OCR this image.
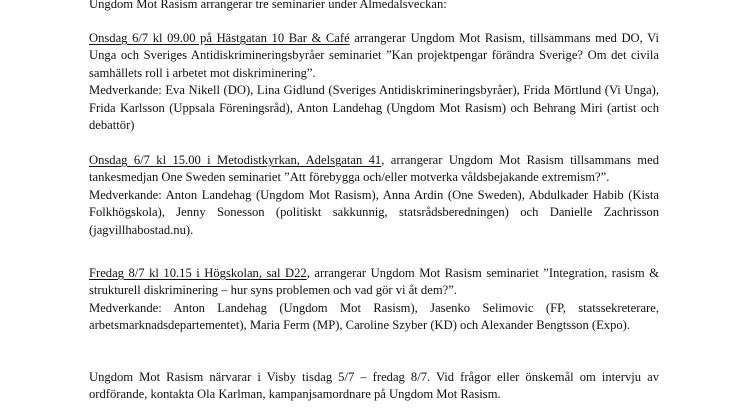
Ungdom Mot Rasism arrangerar tre seminarier under Almedalsveckan:

Onsdag 6/7 kl 09.00 på Hästgatan 10 Bar & Café arrangerar Ungdom Mot Rasism, tillsammans med DO, Vi Unga och Sveriges Antidiskrimineringsbyråer seminariet ”Kan projektpengar förändra Sverige? Om det civila samhällets roll i arbetet mot diskriminering”.

Medverkande: Eva Nikell (DO), Lina Gidlund (Sveriges Antidiskrimineringsbyråer), Frida Mörtlund (Vi Unga), Frida Karlsson (Uppsala Föreningsråd), Anton Landehag (Ungdom Mot Rasism) och Behrang Miri (artist och debattör)

Onsdag 6/7 kl 15.00 i Metodistkyrkan, Adelsgatan 41, arrangerar Ungdom Mot Rasism tillsammans med tankesmedjan One Sweden seminariet ”Att förebygga och/eller motverka våldsbejakande extremism?”.

Medverkande: Anton Landehag (Ungdom Mot Rasism), Anna Ardin (One Sweden), Abdulkader Habib (Kista Folkhögskola), Jenny Sonesson (politiskt sakkunnig, statsrådsberedningen) och Danielle Zachrisson (jagvillhabostad.nu).

Fredag 8/7 kl 10.15 i Högskolan, sal D22, arrangerar Ungdom Mot Rasism seminariet ”Integration, rasism & strukturell diskriminering – hur syns problemen och vad gör vi åt dem?”.

Medverkande: Anton Landehag (Ungdom Mot Rasism), Jasenko Selimovic (FP, statssekreterare, arbetsmarknadsdepartementet), Maria Ferm (MP), Caroline Szyber (KD) och Alexander Bengtsson (Expo).

Ungdom Mot Rasism närvarar i Visby tisdag 5/7 – fredag 8/7. Vid frågor eller önskemål om intervju av ordförande, kontakta Ola Karlman, kampanjsamordnare på Ungdom Mot Rasism.
